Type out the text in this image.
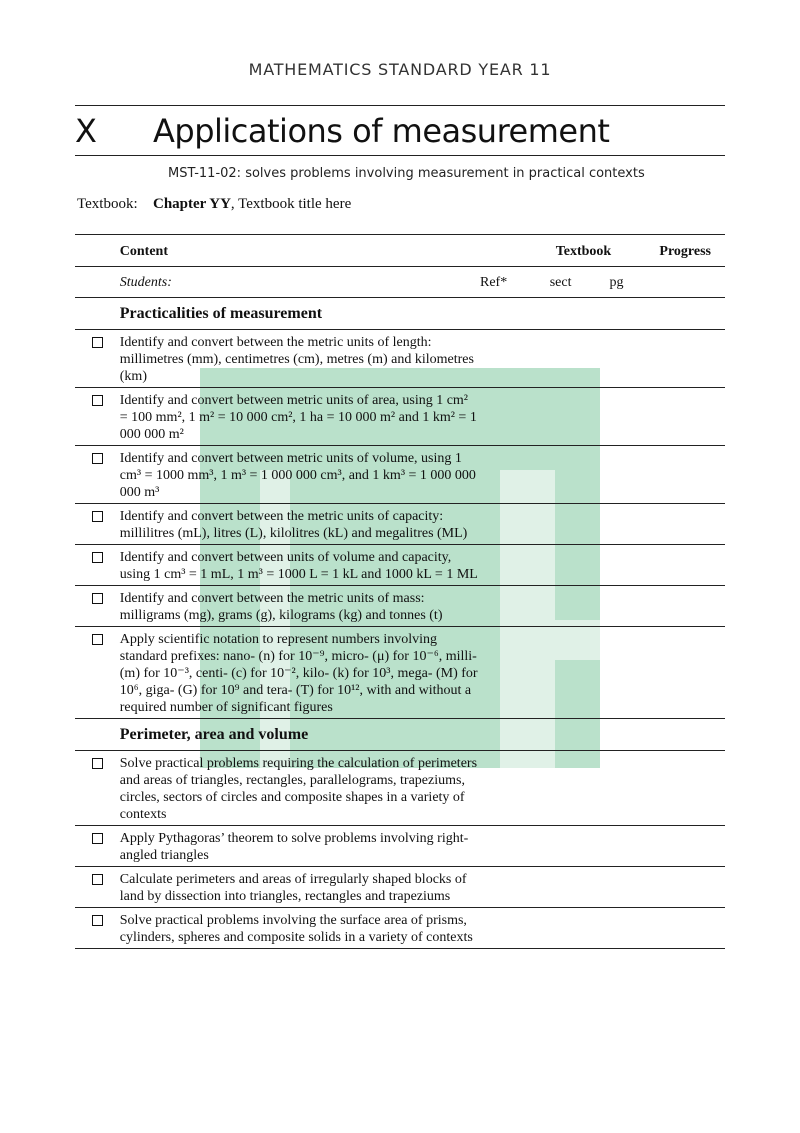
MATHEMATICS STANDARD YEAR 11
X Applications of measurement
MST-11-02: solves problems involving measurement in practical contexts
Textbook: Chapter YY, Textbook title here
	Content		Textbook		Progress
	Students:	Ref*	sect	pg	
	Practicalities of measurement				
	Identify and convert between the metric units of length: millimetres (mm), centimetres (cm), metres (m) and kilometres (km)				
	Identify and convert between metric units of area, using 1 cm² = 100 mm², 1 m² = 10 000 cm², 1 ha = 10 000 m² and 1 km² = 1 000 000 m²				
	Identify and convert between metric units of volume, using 1 cm³ = 1000 mm³, 1 m³ = 1 000 000 cm³, and 1 km³ = 1 000 000 000 m³				
	Identify and convert between the metric units of capacity: millilitres (mL), litres (L), kilolitres (kL) and megalitres (ML)				
	Identify and convert between units of volume and capacity, using 1 cm³ = 1 mL, 1 m³ = 1000 L = 1 kL and 1000 kL = 1 ML				
	Identify and convert between the metric units of mass: milligrams (mg), grams (g), kilograms (kg) and tonnes (t)				
	Apply scientific notation to represent numbers involving standard prefixes: nano- (n) for 10⁻⁹, micro- (μ) for 10⁻⁶, milli- (m) for 10⁻³, centi- (c) for 10⁻², kilo- (k) for 10³, mega- (M) for 10⁶, giga- (G) for 10⁹ and tera- (T) for 10¹², with and without a required number of significant figures				
	Perimeter, area and volume				
	Solve practical problems requiring the calculation of perimeters and areas of triangles, rectangles, parallelograms, trapeziums, circles, sectors of circles and composite shapes in a variety of contexts				
	Apply Pythagoras’ theorem to solve problems involving right-angled triangles				
	Calculate perimeters and areas of irregularly shaped blocks of land by dissection into triangles, rectangles and trapeziums				
	Solve practical problems involving the surface area of prisms, cylinders, spheres and composite solids in a variety of contexts				
